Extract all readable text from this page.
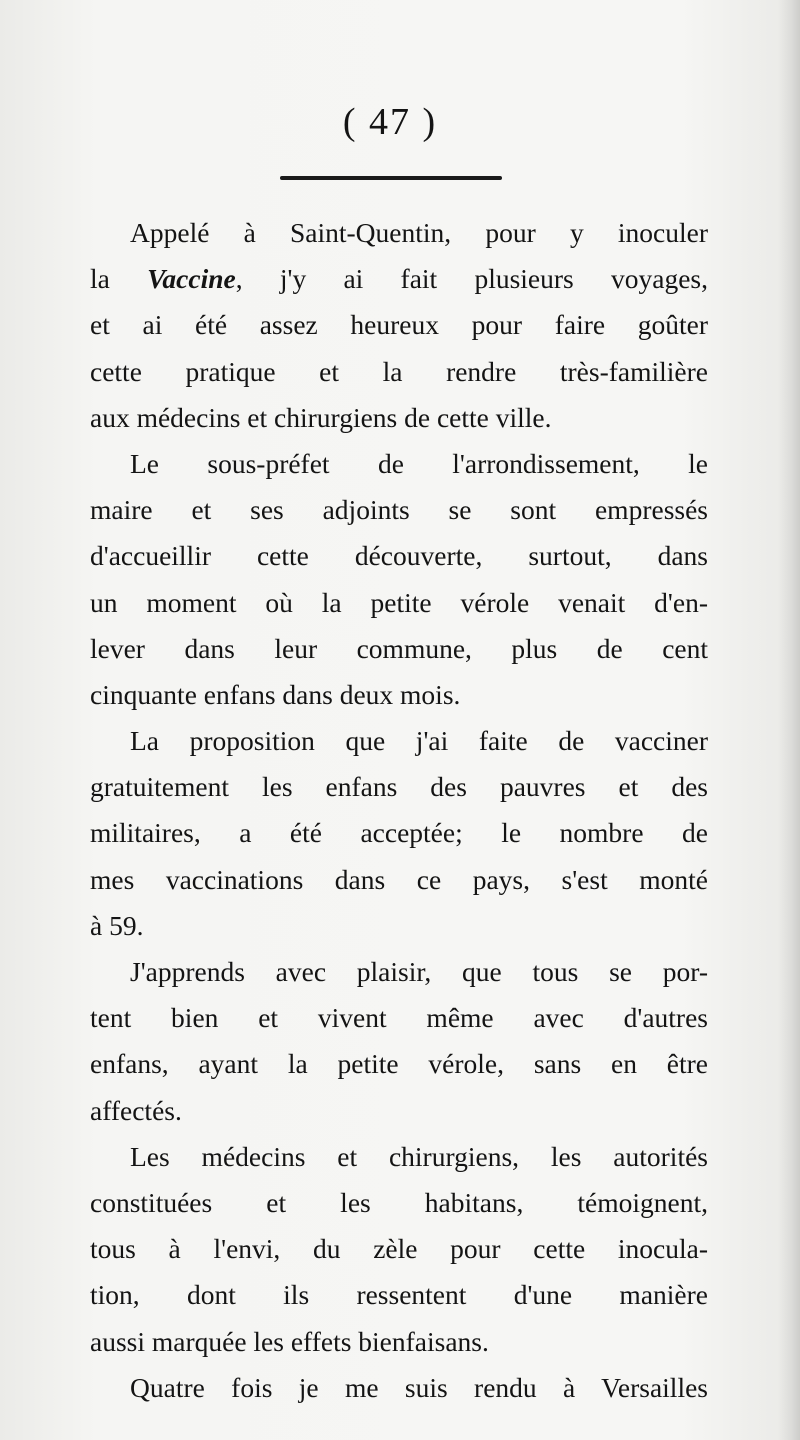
( 47 )
Appelé à Saint-Quentin, pour y inoculer
la Vaccine, j'y ai fait plusieurs voyages,
et ai été assez heureux pour faire goûter
cette pratique et la rendre très-familière
aux médecins et chirurgiens de cette ville.
Le sous-préfet de l'arrondissement, le
maire et ses adjoints se sont empressés
d'accueillir cette découverte, surtout, dans
un moment où la petite vérole venait d'en-
lever dans leur commune, plus de cent
cinquante enfans dans deux mois.
La proposition que j'ai faite de vacciner
gratuitement les enfans des pauvres et des
militaires, a été acceptée; le nombre de
mes vaccinations dans ce pays, s'est monté
à 59.
J'apprends avec plaisir, que tous se por-
tent bien et vivent même avec d'autres
enfans, ayant la petite vérole, sans en être
affectés.
Les médecins et chirurgiens, les autorités
constituées et les habitans, témoignent,
tous à l'envi, du zèle pour cette inocula-
tion, dont ils ressentent d'une manière
aussi marquée les effets bienfaisans.
Quatre fois je me suis rendu à Versailles
